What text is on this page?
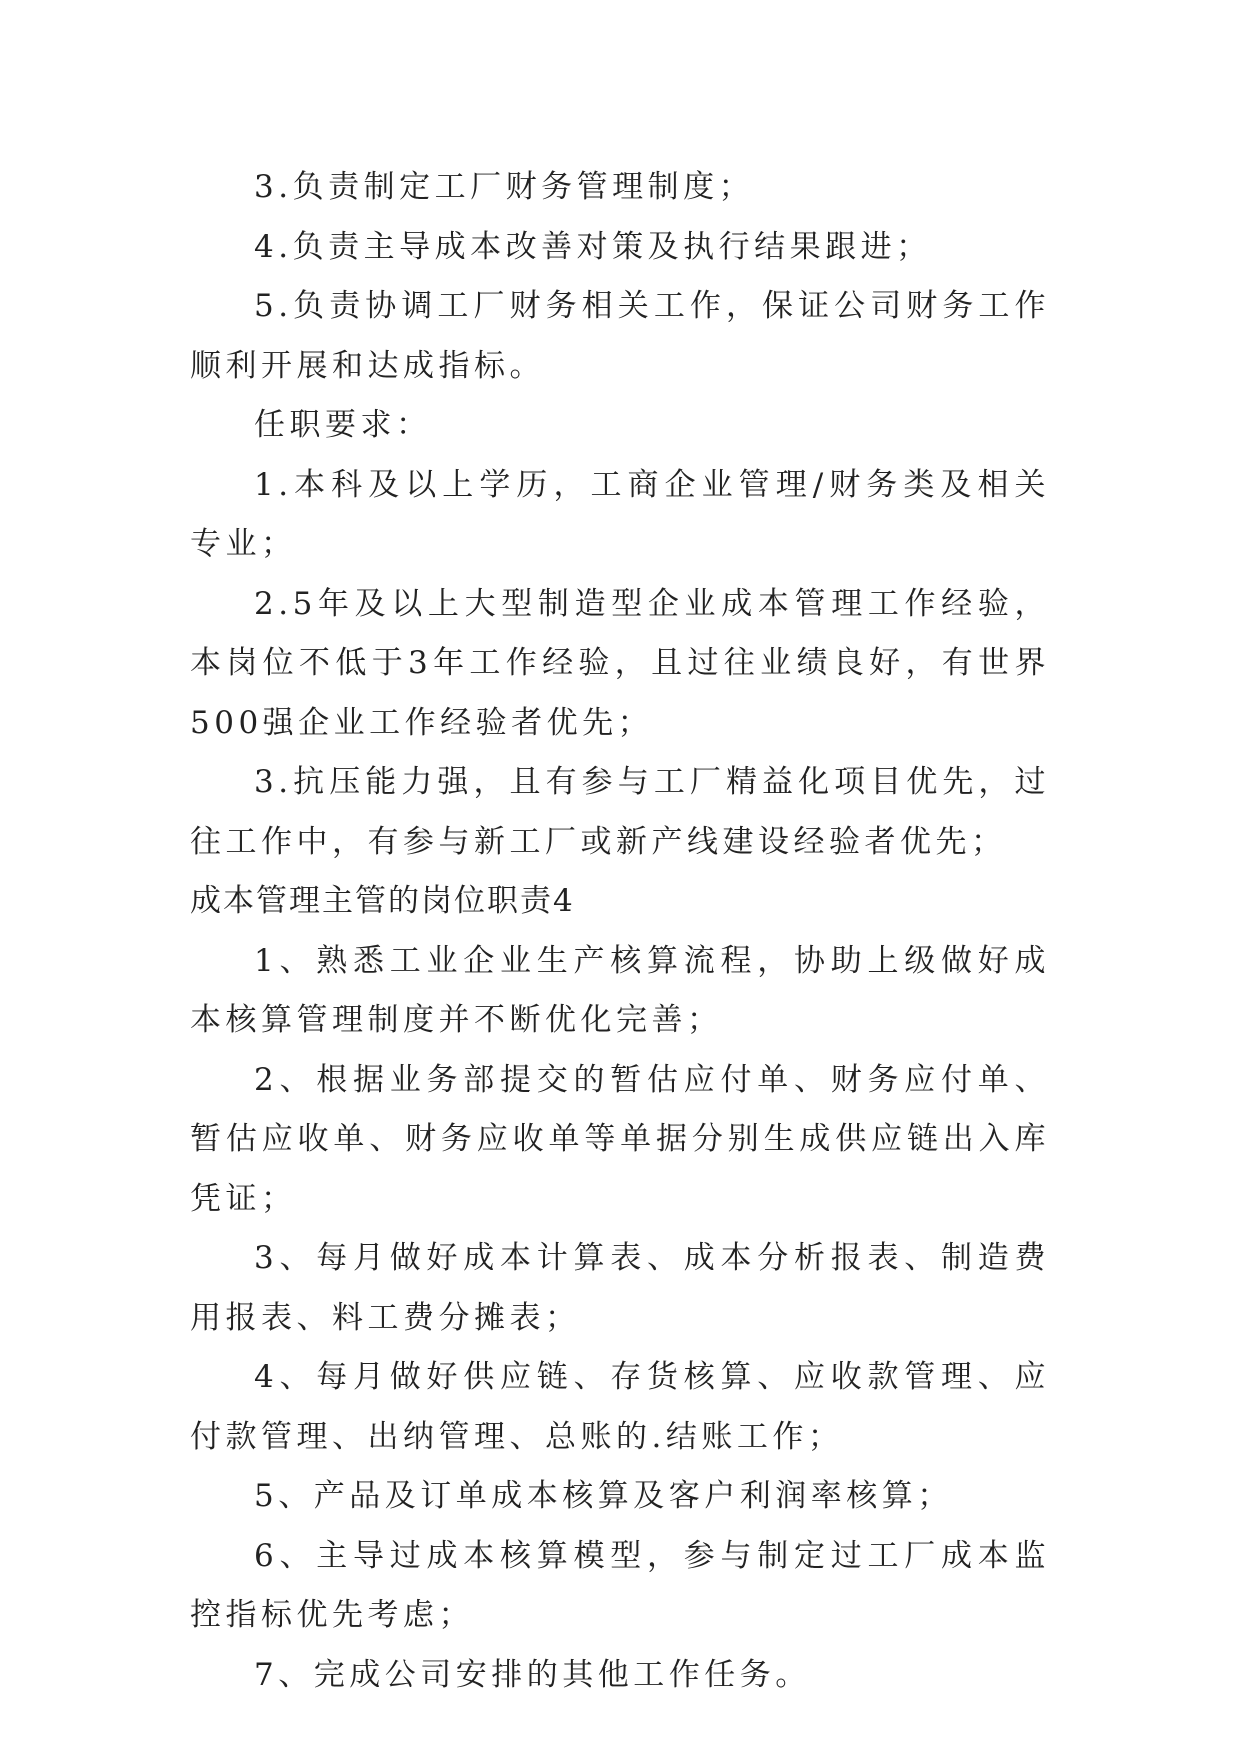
3.负责制定工厂财务管理制度；

4.负责主导成本改善对策及执行结果跟进；

5.负责协调工厂财务相关工作，保证公司财务工作顺利开展和达成指标。

任职要求：

1.本科及以上学历，工商企业管理/财务类及相关专业；

2.5年及以上大型制造型企业成本管理工作经验，本岗位不低于3年工作经验，且过往业绩良好，有世界500强企业工作经验者优先；

3.抗压能力强，且有参与工厂精益化项目优先，过往工作中，有参与新工厂或新产线建设经验者优先；

成本管理主管的岗位职责4

1、熟悉工业企业生产核算流程，协助上级做好成本核算管理制度并不断优化完善；

2、根据业务部提交的暂估应付单、财务应付单、暂估应收单、财务应收单等单据分别生成供应链出入库凭证；

3、每月做好成本计算表、成本分析报表、制造费用报表、料工费分摊表；

4、每月做好供应链、存货核算、应收款管理、应付款管理、出纳管理、总账的.结账工作；

5、产品及订单成本核算及客户利润率核算；

6、主导过成本核算模型，参与制定过工厂成本监控指标优先考虑；

7、完成公司安排的其他工作任务。
